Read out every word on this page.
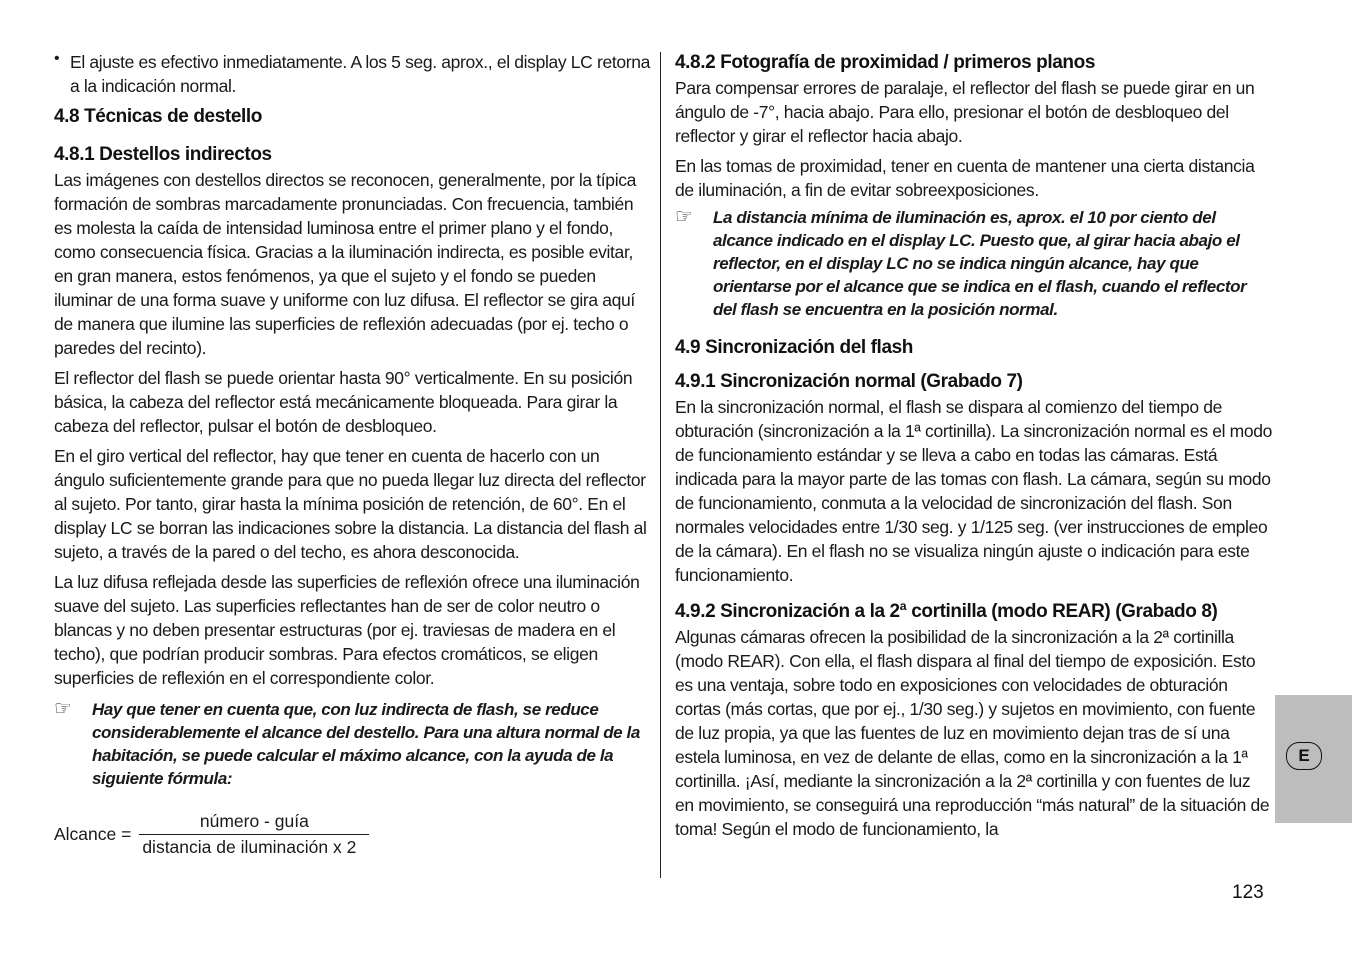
• El ajuste es efectivo inmediatamente. A los 5 seg. aprox., el display LC retorna a la indicación normal.

4.8 Técnicas de destello
4.8.1 Destellos indirectos

Las imágenes con destellos directos se reconocen, generalmente, por la típica formación de sombras marcadamente pronunciadas. Con frecuencia, también es molesta la caída de intensidad luminosa entre el primer plano y el fondo, como consecuencia física. Gracias a la iluminación indirecta, es posible evitar, en gran manera, estos fenómenos, ya que el sujeto y el fondo se pueden iluminar de una forma suave y uniforme con luz difusa. El reflector se gira aquí de manera que ilumine las superficies de reflexión adecuadas (por ej. techo o paredes del recinto).

El reflector del flash se puede orientar hasta 90° verticalmente. En su posición básica, la cabeza del reflector está mecánicamente bloqueada. Para girar la cabeza del reflector, pulsar el botón de desbloqueo.

En el giro vertical del reflector, hay que tener en cuenta de hacerlo con un ángulo suficientemente grande para que no pueda llegar luz directa del reflector al sujeto. Por tanto, girar hasta la mínima posición de retención, de 60°. En el display LC se borran las indicaciones sobre la distancia. La distancia del flash al sujeto, a través de la pared o del techo, es ahora desconocida.

La luz difusa reflejada desde las superficies de reflexión ofrece una iluminación suave del sujeto. Las superficies reflectantes han de ser de color neutro o blancas y no deben presentar estructuras (por ej. traviesas de madera en el techo), que podrían producir sombras. Para efectos cromáticos, se eligen superficies de reflexión en el correspondiente color.

☞	Hay que tener en cuenta que, con luz indirecta de flash, se reduce considerablemente el alcance del destello. Para una altura normal de la habitación, se puede calcular el máximo alcance, con la ayuda de la siguiente fórmula:
Alcance = $\frac{\text{número - guía}}{\text{distancia de iluminación x 2}}$
4.8.2 Fotografía de proximidad / primeros planos

Para compensar errores de paralaje, el reflector del flash se puede girar en un ángulo de -7°, hacia abajo. Para ello, presionar el botón de desbloqueo del reflector y girar el reflector hacia abajo.

En las tomas de proximidad, tener en cuenta de mantener una cierta distancia de iluminación, a fin de evitar sobreexposiciones.

☞	La distancia mínima de iluminación es, aprox. el 10 por ciento del alcance indicado en el display LC. Puesto que, al girar hacia abajo el reflector, en el display LC no se indica ningún alcance, hay que orientarse por el alcance que se indica en el flash, cuando el reflector del flash se encuentra en la posición normal.
4.9 Sincronización del flash
4.9.1 Sincronización normal (Grabado 7)

En la sincronización normal, el flash se dispara al comienzo del tiempo de obturación (sincronización a la 1ª cortinilla). La sincronización normal es el modo de funcionamiento estándar y se lleva a cabo en todas las cámaras. Está indicada para la mayor parte de las tomas con flash. La cámara, según su modo de funcionamiento, conmuta a la velocidad de sincronización del flash. Son normales velocidades entre 1/30 seg. y 1/125 seg. (ver instrucciones de empleo de la cámara). En el flash no se visualiza ningún ajuste o indicación para este funcionamiento.

4.9.2 Sincronización a la 2ª cortinilla (modo REAR) (Grabado 8)

Algunas cámaras ofrecen la posibilidad de la sincronización a la 2ª cortinilla (modo REAR). Con ella, el flash dispara al final del tiempo de exposición. Esto es una ventaja, sobre todo en exposiciones con velocidades de obturación cortas (más cortas, que por ej., 1/30 seg.) y sujetos en movimiento, con fuente de luz propia, ya que las fuentes de luz en movimiento dejan tras de sí una estela luminosa, en vez de delante de ellas, como en la sincronización a la 1ª cortinilla. ¡Así, mediante la sincronización a la 2ª cortinilla y con fuentes de luz en movimiento, se conseguirá una reproducción “más natural” de la situación de toma! Según el modo de funcionamiento, la

E
123
